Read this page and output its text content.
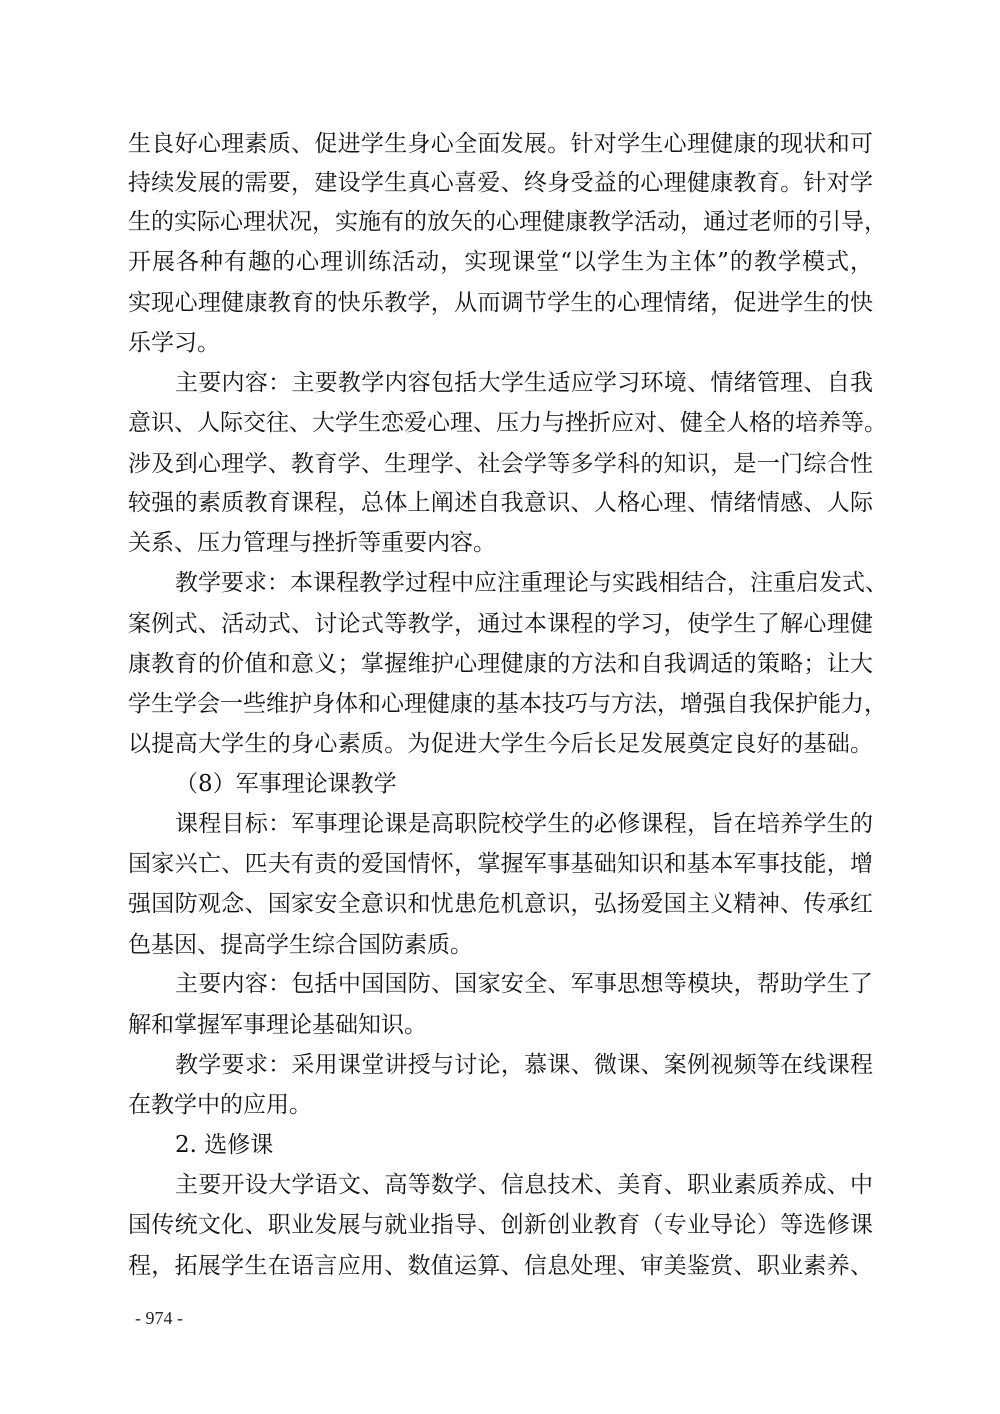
生良好心理素质、促进学生身心全面发展。针对学生心理健康的现状和可
持续发展的需要，建设学生真心喜爱、终身受益的心理健康教育。针对学
生的实际心理状况，实施有的放矢的心理健康教学活动，通过老师的引导，
开展各种有趣的心理训练活动，实现课堂“以学生为主体”的教学模式，
实现心理健康教育的快乐教学，从而调节学生的心理情绪，促进学生的快
乐学习。
主要内容：主要教学内容包括大学生适应学习环境、情绪管理、自我
意识、人际交往、大学生恋爱心理、压力与挫折应对、健全人格的培养等。
涉及到心理学、教育学、生理学、社会学等多学科的知识，是一门综合性
较强的素质教育课程，总体上阐述自我意识、人格心理、情绪情感、人际
关系、压力管理与挫折等重要内容。
教学要求：本课程教学过程中应注重理论与实践相结合，注重启发式、
案例式、活动式、讨论式等教学，通过本课程的学习，使学生了解心理健
康教育的价值和意义；掌握维护心理健康的方法和自我调适的策略；让大
学生学会一些维护身体和心理健康的基本技巧与方法，增强自我保护能力，
以提高大学生的身心素质。为促进大学生今后长足发展奠定良好的基础。
（8）军事理论课教学
课程目标：军事理论课是高职院校学生的必修课程，旨在培养学生的
国家兴亡、匹夫有责的爱国情怀，掌握军事基础知识和基本军事技能，增
强国防观念、国家安全意识和忧患危机意识，弘扬爱国主义精神、传承红
色基因、提高学生综合国防素质。
主要内容：包括中国国防、国家安全、军事思想等模块，帮助学生了
解和掌握军事理论基础知识。
教学要求：采用课堂讲授与讨论，慕课、微课、案例视频等在线课程
在教学中的应用。
2. 选修课
主要开设大学语文、高等数学、信息技术、美育、职业素质养成、中
国传统文化、职业发展与就业指导、创新创业教育（专业导论）等选修课
程，拓展学生在语言应用、数值运算、信息处理、审美鉴赏、职业素养、
- 974 -
